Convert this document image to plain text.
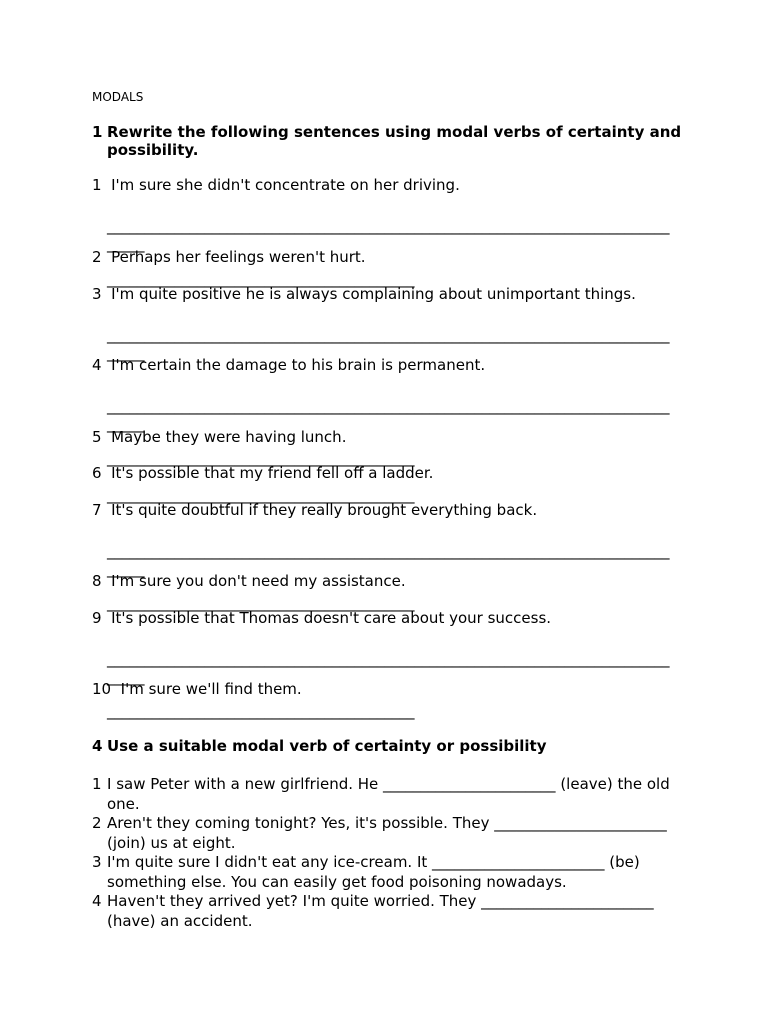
MODALS
1 Rewrite the following sentences using modal verbs of certainty and possibility.
1  I'm sure she didn't concentrate on her driving.
___________________________________________________________________________
_____
2  Perhaps her feelings weren't hurt.
_________________________________________
3  I'm quite positive he is always complaining about unimportant things.
___________________________________________________________________________
_____
4  I'm certain the damage to his brain is permanent.
___________________________________________________________________________
_____
5  Maybe they were having lunch.
_________________________________________
6  It's possible that my friend fell off a ladder.
_________________________________________
7  It's quite doubtful if they really brought everything back.
___________________________________________________________________________
_____
8  I'm sure you don't need my assistance.
_________________________________________
9  It's possible that Thomas doesn't care about your success.
___________________________________________________________________________
_____
10  I'm sure we'll find them.
_________________________________________
4 Use a suitable modal verb of certainty or possibility
1 I saw Peter with a new girlfriend. He _______________________ (leave) the old one.
2 Aren't they coming tonight? Yes, it's possible. They _______________________ (join) us at eight.
3 I'm quite sure I didn't eat any ice-cream. It _______________________ (be) something else. You can easily get food poisoning nowadays.
4 Haven't they arrived yet? I'm quite worried. They _______________________ (have) an accident.
